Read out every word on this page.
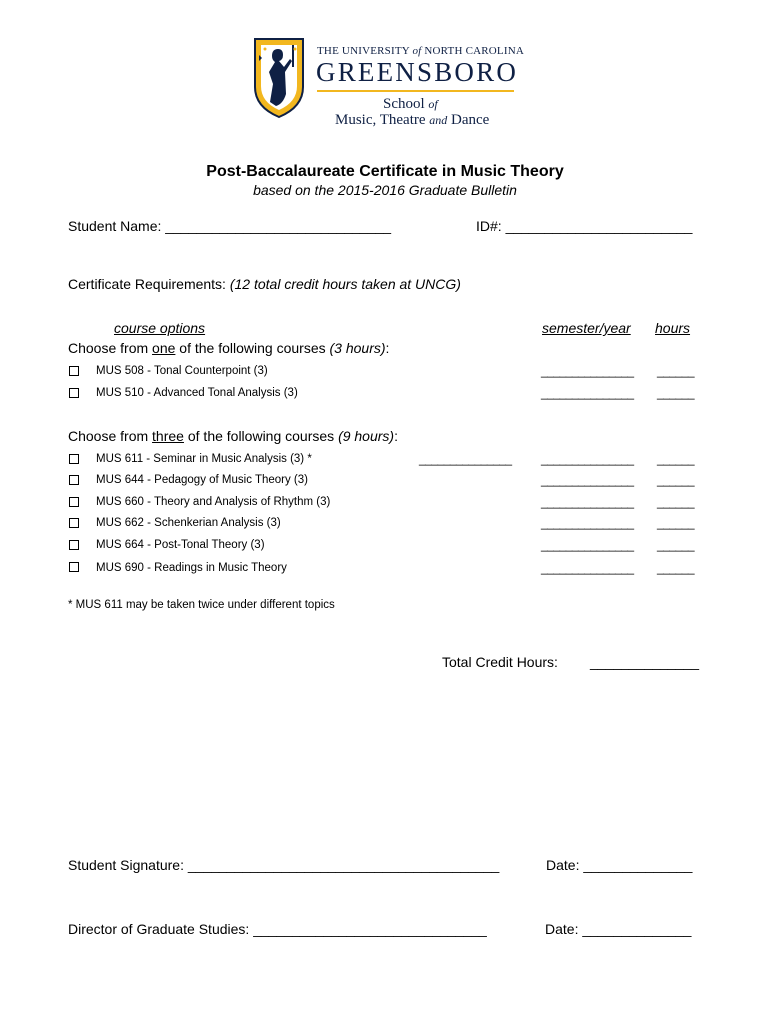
THE UNIVERSITY of NORTH CAROLINA
GREENSBORO
School of
Music, Theatre and Dance
Post-Baccalaureate Certificate in Music Theory
based on the 2015-2016 Graduate Bulletin
Student Name: _____________________________	ID#: ________________________
Certificate Requirements: (12 total credit hours taken at UNCG)
course options	semester/year hours
Choose from one of the following courses (3 hours):
MUS 508 - Tonal Counterpoint (3)	_______________ ______
MUS 510 - Advanced Tonal Analysis (3)	_______________ ______
Choose from three of the following courses (9 hours):
MUS 611 - Seminar in Music Analysis (3) *	_______________ _______________ ______
MUS 644 - Pedagogy of Music Theory (3)	_______________ ______
MUS 660 - Theory and Analysis of Rhythm (3)	_______________ ______
MUS 662 - Schenkerian Analysis (3)	_______________ ______
MUS 664 - Post-Tonal Theory (3)	_______________ ______
MUS 690 - Readings in Music Theory	_______________ ______
* MUS 611 may be taken twice under different topics
Total Credit Hours: ______________
Student Signature: ________________________________________	Date: ______________
Director of Graduate Studies: ______________________________	Date: ______________
